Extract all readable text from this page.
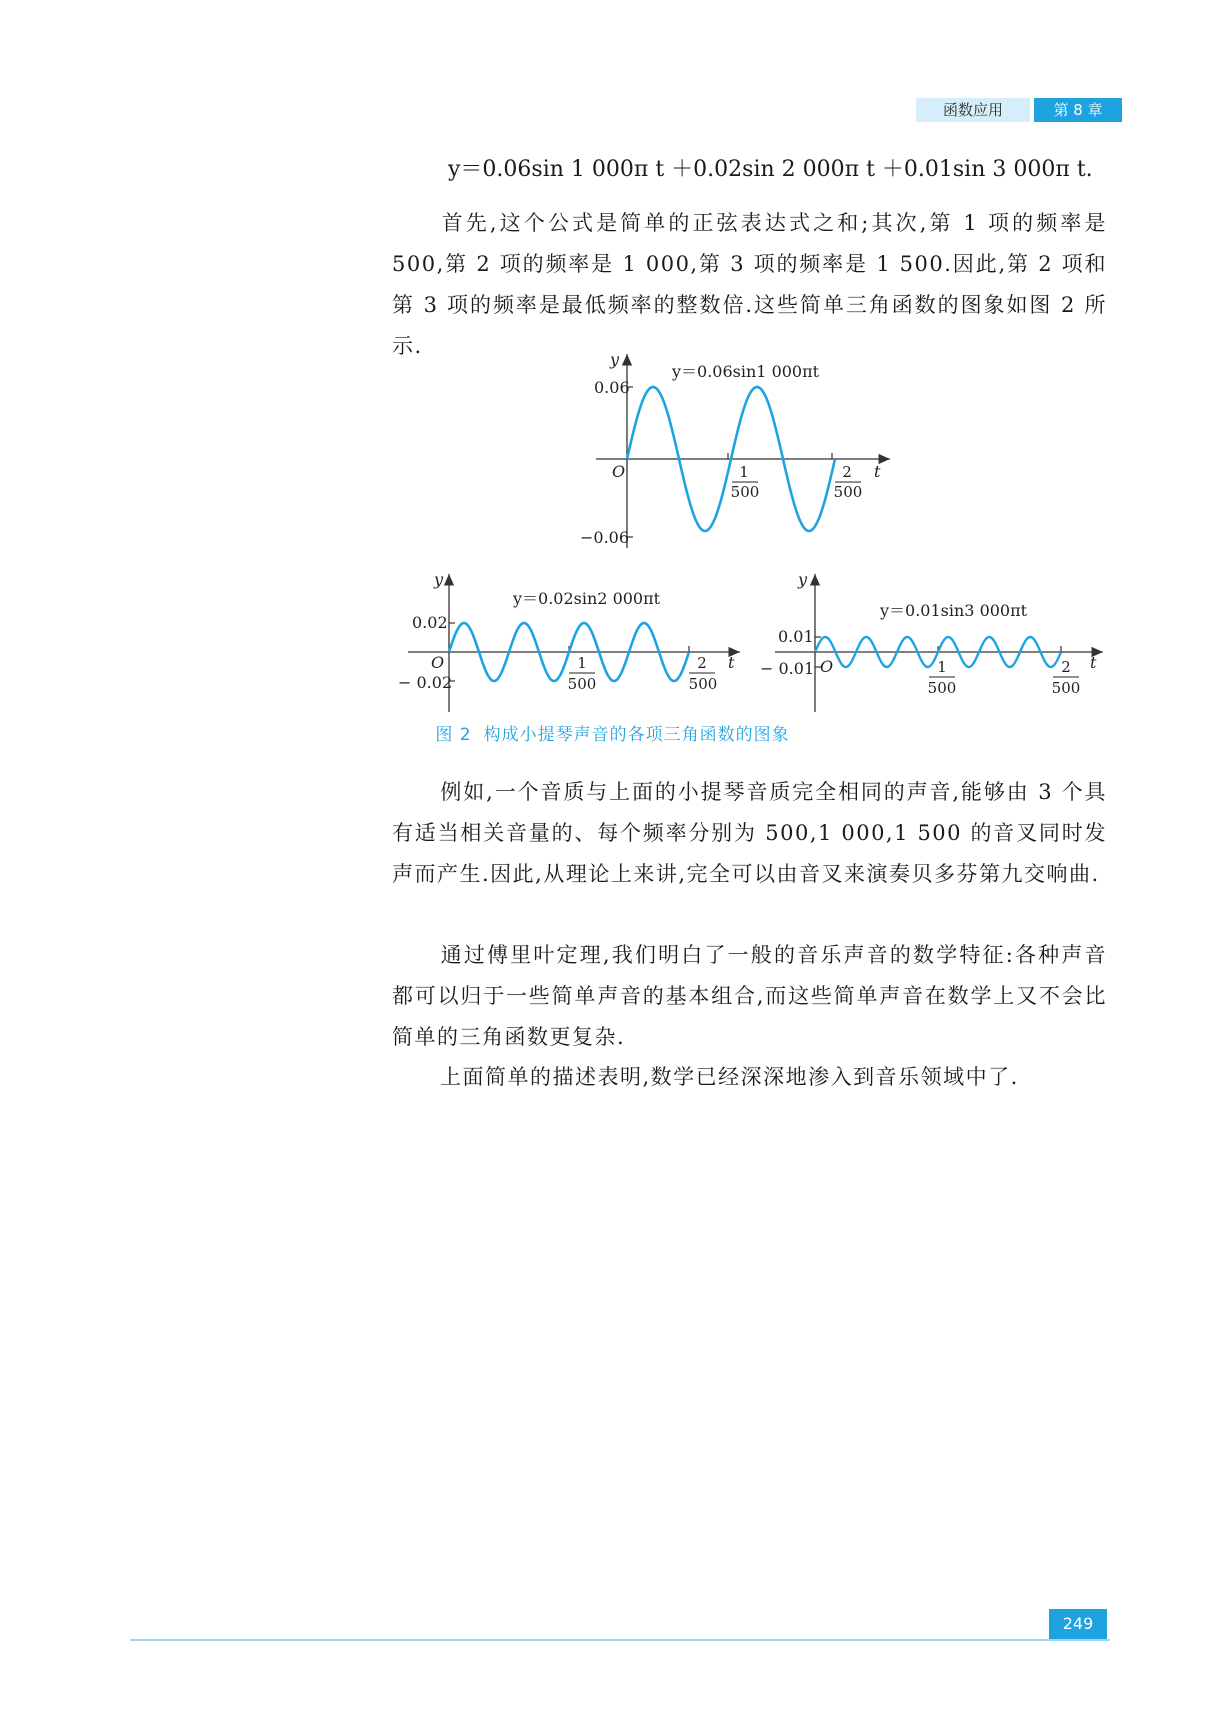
函数应用	第 8 章
y＝0.06sin 1 000π t ＋0.02sin 2 000π t ＋0.01sin 3 000π t.
首先,这个公式是简单的正弦表达式之和;其次,第 1 项的频率是 500,第 2 项的频率是 1 000,第 3 项的频率是 1 500.因此,第 2 项和第 3 项的频率是最低频率的整数倍.这些简单三角函数的图象如图 2 所示.
y
y＝0.06sin1 000πt
0.06
−0.06
O	t
1
500
2
500
y
y＝0.02sin2 000πt
0.02
− 0.02
O	t
1
500
2
500
y
y＝0.01sin3 000πt
0.01
− 0.01 O	t
1
500
2
500
图 2 构成小提琴声音的各项三角函数的图象
例如,一个音质与上面的小提琴音质完全相同的声音,能够由 3 个具有适当相关音量的、每个频率分别为 500,1 000,1 500 的音叉同时发声而产生.因此,从理论上来讲,完全可以由音叉来演奏贝多芬第九交响曲.
通过傅里叶定理,我们明白了一般的音乐声音的数学特征:各种声音都可以归于一些简单声音的基本组合,而这些简单声音在数学上又不会比简单的三角函数更复杂.
上面简单的描述表明,数学已经深深地渗入到音乐领域中了.
249
